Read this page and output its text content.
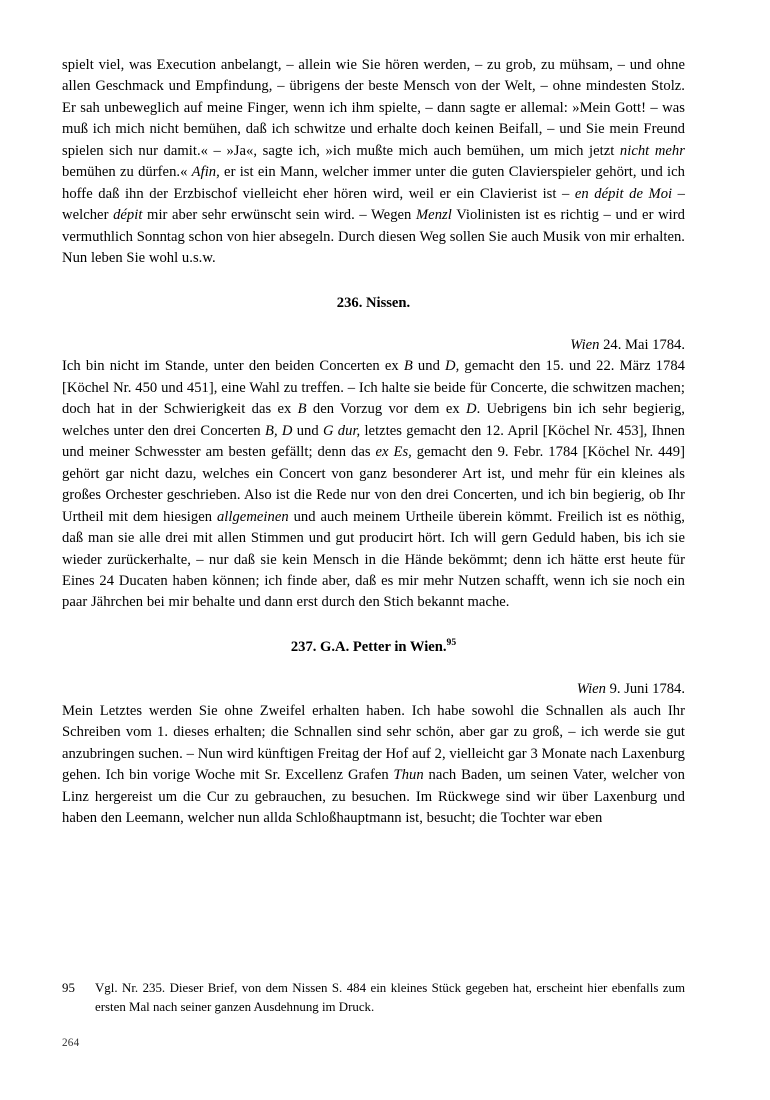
spielt viel, was Execution anbelangt, – allein wie Sie hören werden, – zu grob, zu mühsam, – und ohne allen Geschmack und Empfindung, – übrigens der beste Mensch von der Welt, – ohne mindesten Stolz. Er sah unbeweglich auf meine Finger, wenn ich ihm spielte, – dann sagte er allemal: »Mein Gott! – was muß ich mich nicht bemühen, daß ich schwitze und erhalte doch keinen Beifall, – und Sie mein Freund spielen sich nur damit.« – »Ja«, sagte ich, »ich mußte mich auch bemühen, um mich jetzt nicht mehr bemühen zu dürfen.« Afin, er ist ein Mann, welcher immer unter die guten Clavierspieler gehört, und ich hoffe daß ihn der Erzbischof vielleicht eher hören wird, weil er ein Clavierist ist – en dépit de Moi – welcher dépit mir aber sehr erwünscht sein wird. – Wegen Menzl Violinisten ist es richtig – und er wird vermuthlich Sonntag schon von hier absegeln. Durch diesen Weg sollen Sie auch Musik von mir erhalten. Nun leben Sie wohl u.s.w.

236. Nissen.

Wien 24. Mai 1784.

Ich bin nicht im Stande, unter den beiden Concerten ex B und D, gemacht den 15. und 22. März 1784 [Köchel Nr. 450 und 451], eine Wahl zu treffen. – Ich halte sie beide für Concerte, die schwitzen machen; doch hat in der Schwierigkeit das ex B den Vorzug vor dem ex D. Uebrigens bin ich sehr begierig, welches unter den drei Concerten B, D und G dur, letztes gemacht den 12. April [Köchel Nr. 453], Ihnen und meiner Schwesster am besten gefällt; denn das ex Es, gemacht den 9. Febr. 1784 [Köchel Nr. 449] gehört gar nicht dazu, welches ein Concert von ganz besonderer Art ist, und mehr für ein kleines als großes Orchester geschrieben. Also ist die Rede nur von den drei Concerten, und ich bin begierig, ob Ihr Urtheil mit dem hiesigen allgemeinen und auch meinem Urtheile überein kömmt. Freilich ist es nöthig, daß man sie alle drei mit allen Stimmen und gut producirt hört. Ich will gern Geduld haben, bis ich sie wieder zurückerhalte, – nur daß sie kein Mensch in die Hände bekömmt; denn ich hätte erst heute für Eines 24 Ducaten haben können; ich finde aber, daß es mir mehr Nutzen schafft, wenn ich sie noch ein paar Jährchen bei mir behalte und dann erst durch den Stich bekannt mache.

237. G.A. Petter in Wien.$^{95}$

Wien 9. Juni 1784.

Mein Letztes werden Sie ohne Zweifel erhalten haben. Ich habe sowohl die Schnallen als auch Ihr Schreiben vom 1. dieses erhalten; die Schnallen sind sehr schön, aber gar zu groß, – ich werde sie gut anzubringen suchen. – Nun wird künftigen Freitag der Hof auf 2, vielleicht gar 3 Monate nach Laxenburg gehen. Ich bin vorige Woche mit Sr. Excellenz Grafen Thun nach Baden, um seinen Vater, welcher von Linz hergereist um die Cur zu gebrauchen, zu besuchen. Im Rückwege sind wir über Laxenburg und haben den Leemann, welcher nun allda Schloßhauptmann ist, besucht; die Tochter war eben

95 Vgl. Nr. 235. Dieser Brief, von dem Nissen S. 484 ein kleines Stück gegeben hat, erscheint hier ebenfalls zum ersten Mal nach seiner ganzen Ausdehnung im Druck.

264
